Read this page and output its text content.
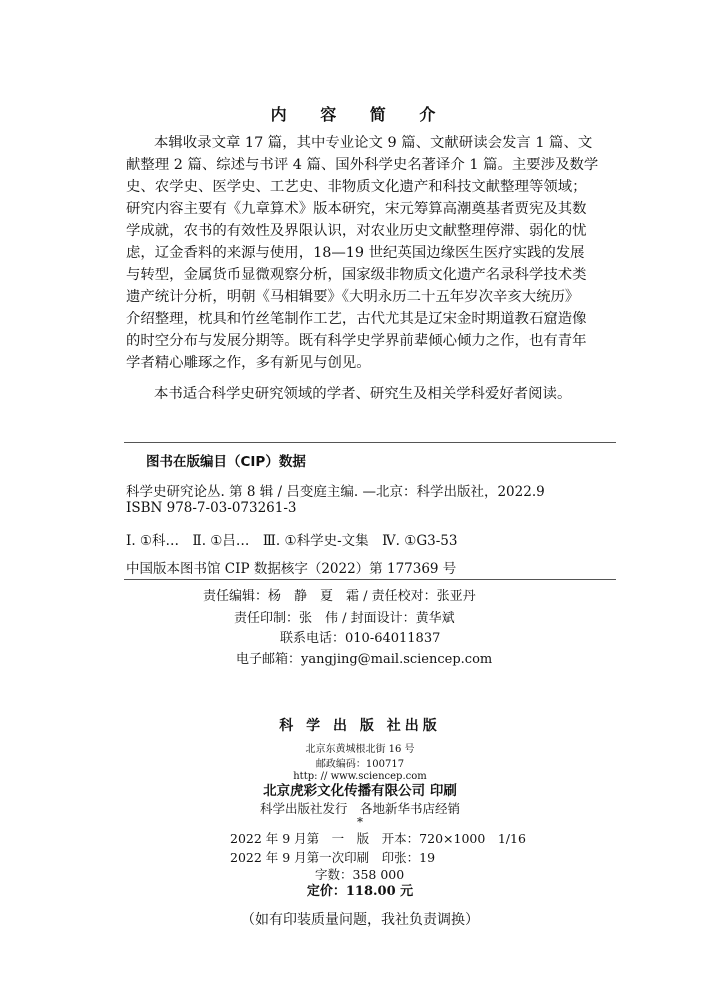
内 容 简 介
本辑收录文章 17 篇，其中专业论文 9 篇、文献研读会发言 1 篇、文
献整理 2 篇、综述与书评 4 篇、国外科学史名著译介 1 篇。主要涉及数学
史、农学史、医学史、工艺史、非物质文化遗产和科技文献整理等领域；
研究内容主要有《九章算术》版本研究，宋元筹算高潮奠基者贾宪及其数
学成就，农书的有效性及界限认识，对农业历史文献整理停滞、弱化的忧
虑，辽金香料的来源与使用，18—19 世纪英国边缘医生医疗实践的发展
与转型，金属货币显微观察分析，国家级非物质文化遗产名录科学技术类
遗产统计分析，明朝《马相辑要》《大明永历二十五年岁次辛亥大统历》
介绍整理，枕具和竹丝笔制作工艺，古代尤其是辽宋金时期道教石窟造像
的时空分布与发展分期等。既有科学史学界前辈倾心倾力之作，也有青年
学者精心雕琢之作，多有新见与创见。
本书适合科学史研究领域的学者、研究生及相关学科爱好者阅读。
图书在版编目（CIP）数据
科学史研究论丛. 第 8 辑 / 吕变庭主编. —北京：科学出版社，2022.9
ISBN 978-7-03-073261-3
Ⅰ. ①科…　Ⅱ. ①吕…　Ⅲ. ①科学史-文集　Ⅳ. ①G3-53
中国版本图书馆 CIP 数据核字（2022）第 177369 号
责任编辑：杨　静　夏　霜 / 责任校对：张亚丹
责任印制：张　伟 / 封面设计：黄华斌
联系电话：010-64011837
电子邮箱：yangjing@mail.sciencep.com
科 学 出 版 社出版
北京东黄城根北街 16 号
邮政编码：100717
http: // www.sciencep.com
北京虎彩文化传播有限公司 印刷
科学出版社发行　各地新华书店经销
*
2022 年 9 月第　一　版　开本：720×1000　1/16
2022 年 9 月第一次印刷　印张：19
字数：358 000
定价：118.00 元
（如有印装质量问题，我社负责调换）
